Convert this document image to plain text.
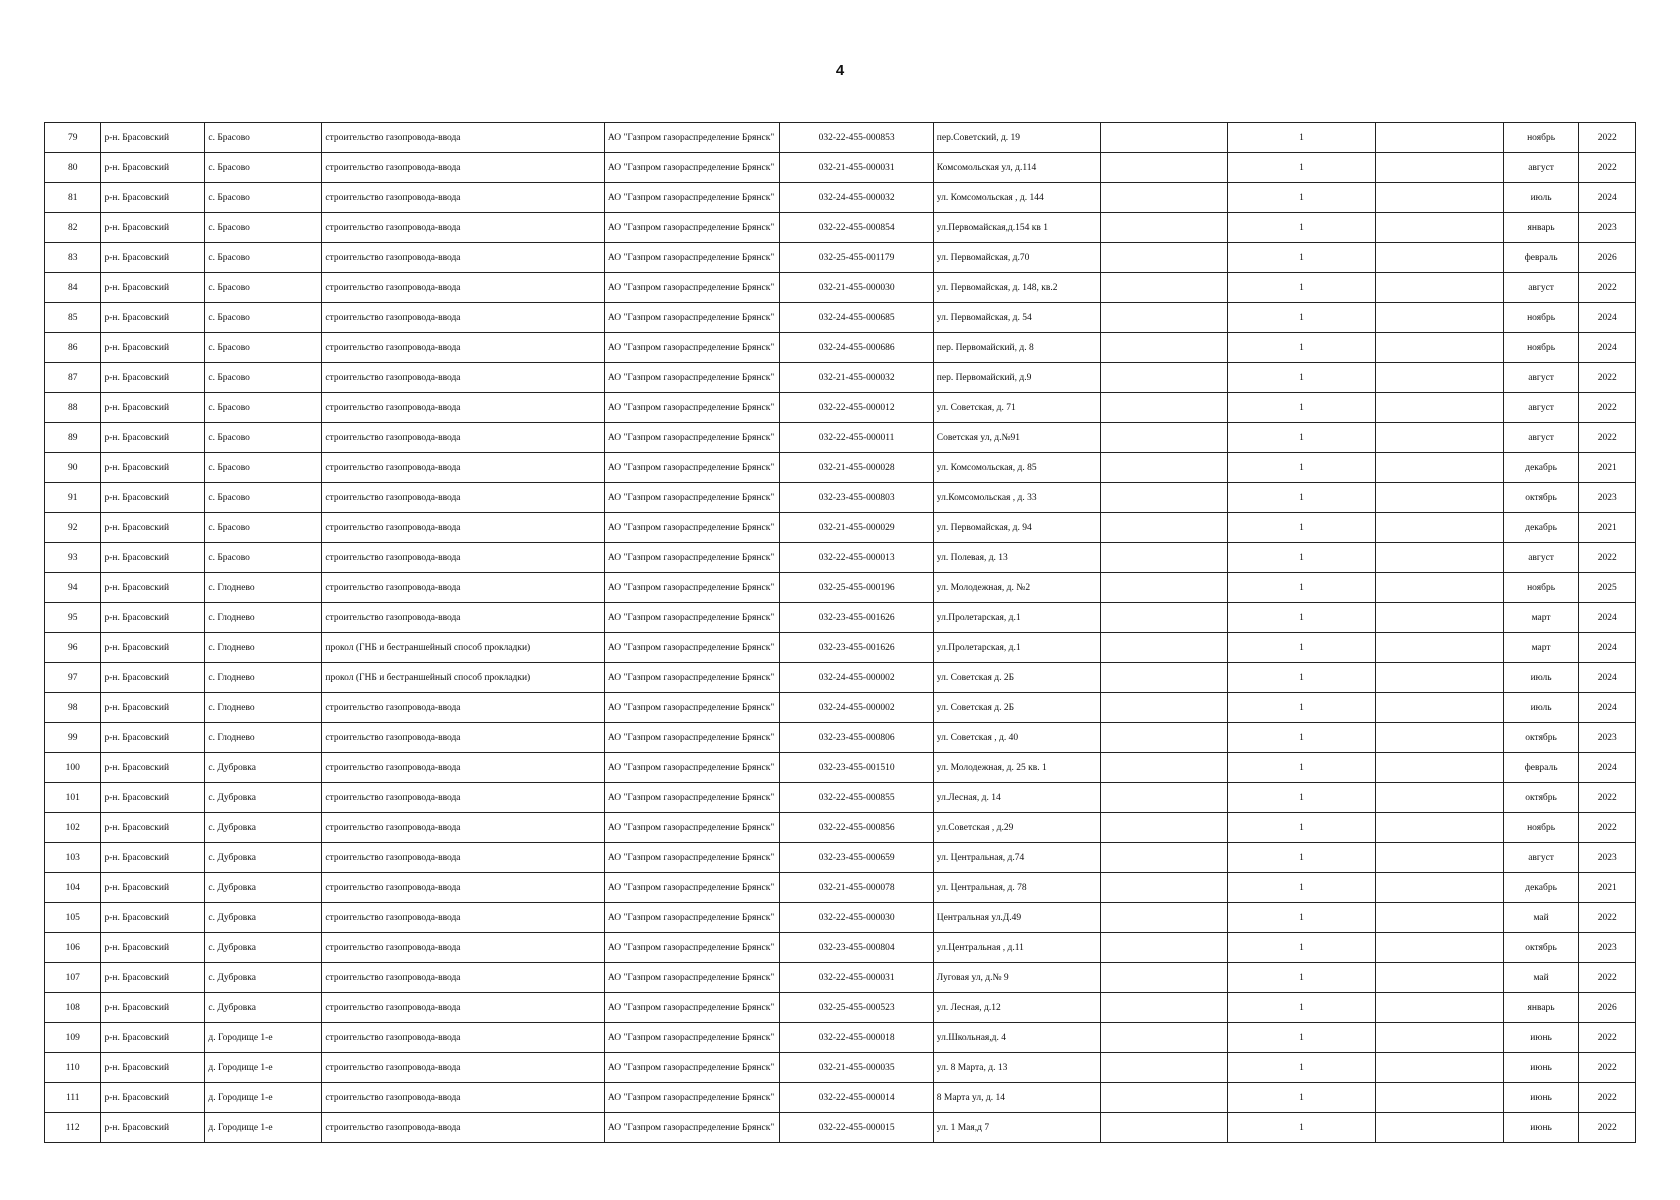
4
79	р-н. Брасовский	с. Брасово	строительство газопровода-ввода	АО "Газпром газораспределение Брянск"	032-22-455-000853	пер.Советский, д. 19		1		ноябрь	2022
80	р-н. Брасовский	с. Брасово	строительство газопровода-ввода	АО "Газпром газораспределение Брянск"	032-21-455-000031	Комсомольская ул, д.114		1		август	2022
81	р-н. Брасовский	с. Брасово	строительство газопровода-ввода	АО "Газпром газораспределение Брянск"	032-24-455-000032	ул. Комсомольская , д. 144		1		июль	2024
82	р-н. Брасовский	с. Брасово	строительство газопровода-ввода	АО "Газпром газораспределение Брянск"	032-22-455-000854	ул.Первомайская,д.154 кв 1		1		январь	2023
83	р-н. Брасовский	с. Брасово	строительство газопровода-ввода	АО "Газпром газораспределение Брянск"	032-25-455-001179	ул. Первомайская, д.70		1		февраль	2026
84	р-н. Брасовский	с. Брасово	строительство газопровода-ввода	АО "Газпром газораспределение Брянск"	032-21-455-000030	ул. Первомайская, д. 148, кв.2		1		август	2022
85	р-н. Брасовский	с. Брасово	строительство газопровода-ввода	АО "Газпром газораспределение Брянск"	032-24-455-000685	ул. Первомайская, д. 54		1		ноябрь	2024
86	р-н. Брасовский	с. Брасово	строительство газопровода-ввода	АО "Газпром газораспределение Брянск"	032-24-455-000686	пер. Первомайский, д. 8		1		ноябрь	2024
87	р-н. Брасовский	с. Брасово	строительство газопровода-ввода	АО "Газпром газораспределение Брянск"	032-21-455-000032	пер. Первомайский, д.9		1		август	2022
88	р-н. Брасовский	с. Брасово	строительство газопровода-ввода	АО "Газпром газораспределение Брянск"	032-22-455-000012	ул. Советская, д. 71		1		август	2022
89	р-н. Брасовский	с. Брасово	строительство газопровода-ввода	АО "Газпром газораспределение Брянск"	032-22-455-000011	Советская ул, д.№91		1		август	2022
90	р-н. Брасовский	с. Брасово	строительство газопровода-ввода	АО "Газпром газораспределение Брянск"	032-21-455-000028	ул. Комсомольская, д. 85		1		декабрь	2021
91	р-н. Брасовский	с. Брасово	строительство газопровода-ввода	АО "Газпром газораспределение Брянск"	032-23-455-000803	ул.Комсомольская , д. 33		1		октябрь	2023
92	р-н. Брасовский	с. Брасово	строительство газопровода-ввода	АО "Газпром газораспределение Брянск"	032-21-455-000029	ул. Первомайская, д. 94		1		декабрь	2021
93	р-н. Брасовский	с. Брасово	строительство газопровода-ввода	АО "Газпром газораспределение Брянск"	032-22-455-000013	ул. Полевая, д. 13		1		август	2022
94	р-н. Брасовский	с. Глоднево	строительство газопровода-ввода	АО "Газпром газораспределение Брянск"	032-25-455-000196	ул. Молодежная, д. №2		1		ноябрь	2025
95	р-н. Брасовский	с. Глоднево	строительство газопровода-ввода	АО "Газпром газораспределение Брянск"	032-23-455-001626	ул.Пролетарская, д.1		1		март	2024
96	р-н. Брасовский	с. Глоднево	прокол (ГНБ и бестраншейный способ прокладки)	АО "Газпром газораспределение Брянск"	032-23-455-001626	ул.Пролетарская, д.1		1		март	2024
97	р-н. Брасовский	с. Глоднево	прокол (ГНБ и бестраншейный способ прокладки)	АО "Газпром газораспределение Брянск"	032-24-455-000002	ул. Советская д. 2Б		1		июль	2024
98	р-н. Брасовский	с. Глоднево	строительство газопровода-ввода	АО "Газпром газораспределение Брянск"	032-24-455-000002	ул. Советская д. 2Б		1		июль	2024
99	р-н. Брасовский	с. Глоднево	строительство газопровода-ввода	АО "Газпром газораспределение Брянск"	032-23-455-000806	ул. Советская , д. 40		1		октябрь	2023
100	р-н. Брасовский	с. Дубровка	строительство газопровода-ввода	АО "Газпром газораспределение Брянск"	032-23-455-001510	ул. Молодежная, д. 25 кв. 1		1		февраль	2024
101	р-н. Брасовский	с. Дубровка	строительство газопровода-ввода	АО "Газпром газораспределение Брянск"	032-22-455-000855	ул.Лесная, д. 14		1		октябрь	2022
102	р-н. Брасовский	с. Дубровка	строительство газопровода-ввода	АО "Газпром газораспределение Брянск"	032-22-455-000856	ул.Советская , д.29		1		ноябрь	2022
103	р-н. Брасовский	с. Дубровка	строительство газопровода-ввода	АО "Газпром газораспределение Брянск"	032-23-455-000659	ул. Центральная, д.74		1		август	2023
104	р-н. Брасовский	с. Дубровка	строительство газопровода-ввода	АО "Газпром газораспределение Брянск"	032-21-455-000078	ул. Центральная, д. 78		1		декабрь	2021
105	р-н. Брасовский	с. Дубровка	строительство газопровода-ввода	АО "Газпром газораспределение Брянск"	032-22-455-000030	Центральная ул.Д.49		1		май	2022
106	р-н. Брасовский	с. Дубровка	строительство газопровода-ввода	АО "Газпром газораспределение Брянск"	032-23-455-000804	ул.Центральная , д.11		1		октябрь	2023
107	р-н. Брасовский	с. Дубровка	строительство газопровода-ввода	АО "Газпром газораспределение Брянск"	032-22-455-000031	Луговая ул, д.№ 9		1		май	2022
108	р-н. Брасовский	с. Дубровка	строительство газопровода-ввода	АО "Газпром газораспределение Брянск"	032-25-455-000523	ул. Лесная, д.12		1		январь	2026
109	р-н. Брасовский	д. Городище 1-е	строительство газопровода-ввода	АО "Газпром газораспределение Брянск"	032-22-455-000018	ул.Школьная,д. 4		1		июнь	2022
110	р-н. Брасовский	д. Городище 1-е	строительство газопровода-ввода	АО "Газпром газораспределение Брянск"	032-21-455-000035	ул. 8 Марта, д. 13		1		июнь	2022
111	р-н. Брасовский	д. Городище 1-е	строительство газопровода-ввода	АО "Газпром газораспределение Брянск"	032-22-455-000014	8 Марта ул, д. 14		1		июнь	2022
112	р-н. Брасовский	д. Городище 1-е	строительство газопровода-ввода	АО "Газпром газораспределение Брянск"	032-22-455-000015	ул. 1 Мая,д 7		1		июнь	2022
